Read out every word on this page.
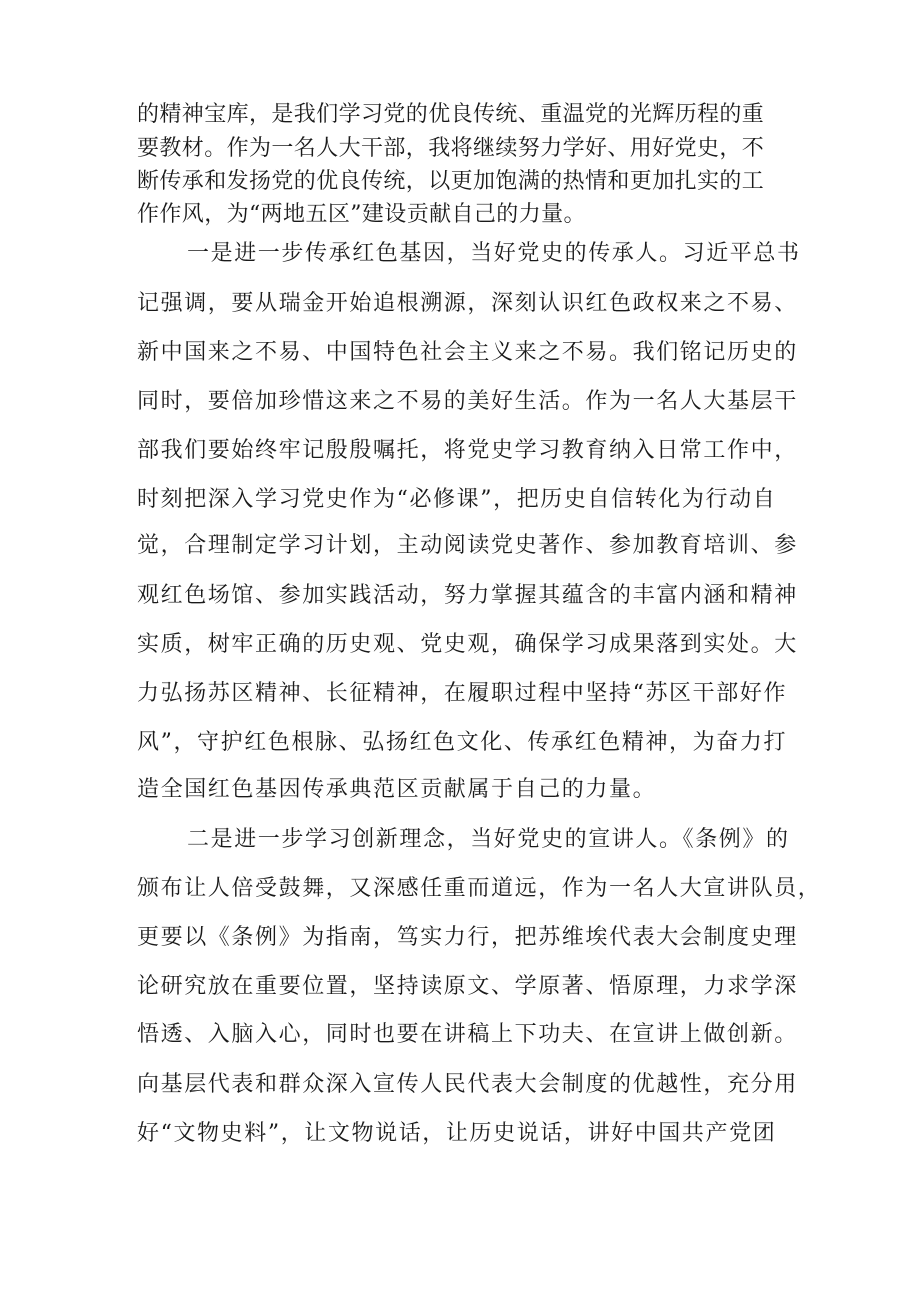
的精神宝库，是我们学习党的优良传统、重温党的光辉历程的重
要教材。作为一名人大干部，我将继续努力学好、用好党史，不
断传承和发扬党的优良传统，以更加饱满的热情和更加扎实的工
作作风，为“两地五区”建设贡献自己的力量。
一是进一步传承红色基因，当好党史的传承人。习近平总书
记强调，要从瑞金开始追根溯源，深刻认识红色政权来之不易、
新中国来之不易、中国特色社会主义来之不易。我们铭记历史的
同时，要倍加珍惜这来之不易的美好生活。作为一名人大基层干
部我们要始终牢记殷殷嘱托，将党史学习教育纳入日常工作中，
时刻把深入学习党史作为“必修课”，把历史自信转化为行动自
觉，合理制定学习计划，主动阅读党史著作、参加教育培训、参
观红色场馆、参加实践活动，努力掌握其蕴含的丰富内涵和精神
实质，树牢正确的历史观、党史观，确保学习成果落到实处。大
力弘扬苏区精神、长征精神，在履职过程中坚持“苏区干部好作
风”，守护红色根脉、弘扬红色文化、传承红色精神，为奋力打
造全国红色基因传承典范区贡献属于自己的力量。
二是进一步学习创新理念，当好党史的宣讲人。《条例》的
颁布让人倍受鼓舞，又深感任重而道远，作为一名人大宣讲队员，
更要以《条例》为指南，笃实力行，把苏维埃代表大会制度史理
论研究放在重要位置，坚持读原文、学原著、悟原理，力求学深
悟透、入脑入心，同时也要在讲稿上下功夫、在宣讲上做创新。
向基层代表和群众深入宣传人民代表大会制度的优越性，充分用
好“文物史料”，让文物说话，让历史说话，讲好中国共产党团
